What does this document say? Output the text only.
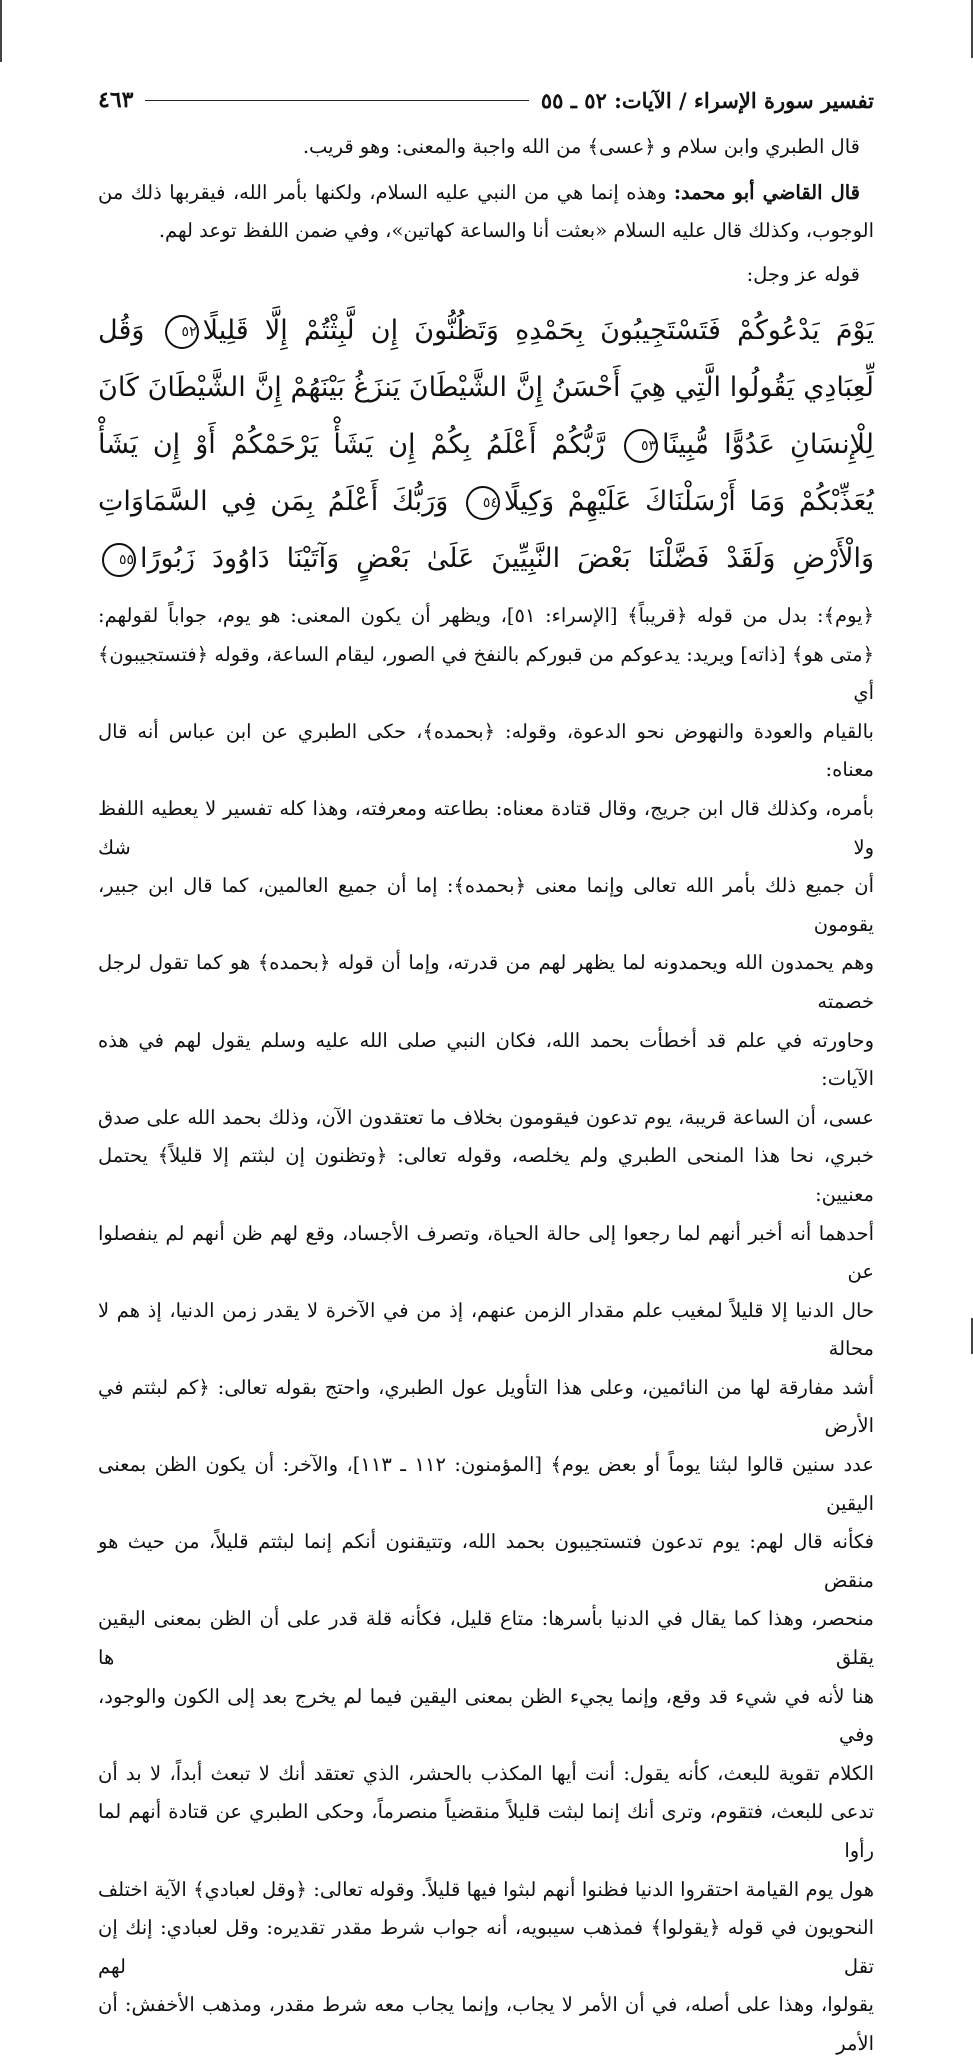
تفسير سورة الإسراء / الآيات: ٥٢ ـ ٥٥
٤٦٣

قال الطبري وابن سلام و ﴿عسى﴾ من الله واجبة والمعنى: وهو قريب.

قال القاضي أبو محمد: وهذه إنما هي من النبي عليه السلام، ولكنها بأمر الله، فيقربها ذلك من الوجوب، وكذلك قال عليه السلام «بعثت أنا والساعة كهاتين»، وفي ضمن اللفظ توعد لهم.

قوله عز وجل:

يَوْمَ يَدْعُوكُمْ فَتَسْتَجِيبُونَ بِحَمْدِهِ وَتَظُنُّونَ إِن لَّبِثْتُمْ إِلَّا قَلِيلًا٥٢ وَقُل لِّعِبَادِي يَقُولُوا الَّتِي هِيَ أَحْسَنُ إِنَّ الشَّيْطَانَ يَنزَغُ بَيْنَهُمْ إِنَّ الشَّيْطَانَ كَانَ لِلْإِنسَانِ عَدُوًّا مُّبِينًا٥٣ رَّبُّكُمْ أَعْلَمُ بِكُمْ إِن يَشَأْ يَرْحَمْكُمْ أَوْ إِن يَشَأْ يُعَذِّبْكُمْ وَمَا أَرْسَلْنَاكَ عَلَيْهِمْ وَكِيلًا٥٤ وَرَبُّكَ أَعْلَمُ بِمَن فِي السَّمَاوَاتِ وَالْأَرْضِ وَلَقَدْ فَضَّلْنَا بَعْضَ النَّبِيِّينَ عَلَىٰ بَعْضٍ وَآتَيْنَا دَاوُودَ زَبُورًا٥٥
﴿يوم﴾: بدل من قوله ﴿قريباً﴾ [الإسراء: ٥١]، ويظهر أن يكون المعنى: هو يوم، جواباً لقولهم:
﴿متى هو﴾ [ذاته] ويريد: يدعوكم من قبوركم بالنفخ في الصور، ليقام الساعة، وقوله ﴿فتستجيبون﴾ أي
بالقيام والعودة والنهوض نحو الدعوة، وقوله: ﴿بحمده﴾، حكى الطبري عن ابن عباس أنه قال معناه:
بأمره، وكذلك قال ابن جريج، وقال قتادة معناه: بطاعته ومعرفته، وهذا كله تفسير لا يعطيه اللفظ ولا شك
أن جميع ذلك بأمر الله تعالى وإنما معنى ﴿بحمده﴾: إما أن جميع العالمين، كما قال ابن جبير، يقومون
وهم يحمدون الله ويحمدونه لما يظهر لهم من قدرته، وإما أن قوله ﴿بحمده﴾ هو كما تقول لرجل خصمته
وحاورته في علم قد أخطأت بحمد الله، فكان النبي صلى الله عليه وسلم يقول لهم في هذه الآيات:
عسى، أن الساعة قريبة، يوم تدعون فيقومون بخلاف ما تعتقدون الآن، وذلك بحمد الله على صدق
خبري، نحا هذا المنحى الطبري ولم يخلصه، وقوله تعالى: ﴿وتظنون إن لبثتم إلا قليلاً﴾ يحتمل معنيين:
أحدهما أنه أخبر أنهم لما رجعوا إلى حالة الحياة، وتصرف الأجساد، وقع لهم ظن أنهم لم ينفصلوا عن
حال الدنيا إلا قليلاً لمغيب علم مقدار الزمن عنهم، إذ من في الآخرة لا يقدر زمن الدنيا، إذ هم لا محالة
أشد مفارقة لها من النائمين، وعلى هذا التأويل عول الطبري، واحتج بقوله تعالى: ﴿كم لبثتم في الأرض
عدد سنين قالوا لبثنا يوماً أو بعض يوم﴾ [المؤمنون: ١١٢ ـ ١١٣]، والآخر: أن يكون الظن بمعنى اليقين
فكأنه قال لهم: يوم تدعون فتستجيبون بحمد الله، وتتيقنون أنكم إنما لبثتم قليلاً، من حيث هو منقض
منحصر، وهذا كما يقال في الدنيا بأسرها: متاع قليل، فكأنه قلة قدر على أن الظن بمعنى اليقين يقلق ها
هنا لأنه في شيء قد وقع، وإنما يجيء الظن بمعنى اليقين فيما لم يخرج بعد إلى الكون والوجود، وفي
الكلام تقوية للبعث، كأنه يقول: أنت أيها المكذب بالحشر، الذي تعتقد أنك لا تبعث أبداً، لا بد أن
تدعى للبعث، فتقوم، وترى أنك إنما لبثت قليلاً منقضياً منصرماً، وحكى الطبري عن قتادة أنهم لما رأوا
هول يوم القيامة احتقروا الدنيا فظنوا أنهم لبثوا فيها قليلاً. وقوله تعالى: ﴿وقل لعبادي﴾ الآية اختلف
النحويون في قوله ﴿يقولوا﴾ فمذهب سيبويه، أنه جواب شرط مقدر تقديره: وقل لعبادي: إنك إن تقل لهم
يقولوا، وهذا على أصله، في أن الأمر لا يجاب، وإنما يجاب معه شرط مقدر، ومذهب الأخفش: أن الأمر
